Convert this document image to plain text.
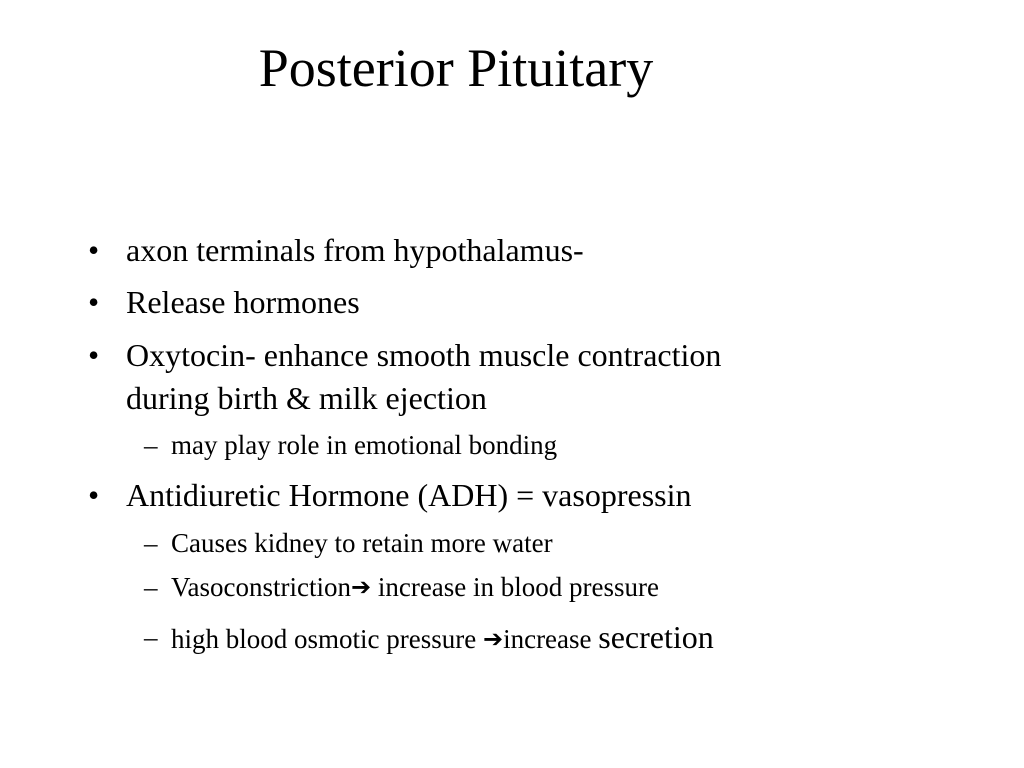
Posterior Pituitary
• axon terminals from hypothalamus-
• Release hormones
• Oxytocin- enhance smooth muscle contraction
during birth & milk ejection
– may play role in emotional bonding
• Antidiuretic Hormone (ADH) = vasopressin
– Causes kidney to retain more water
– Vasoconstriction➔ increase in blood pressure
– high blood osmotic pressure ➔increase secretion
